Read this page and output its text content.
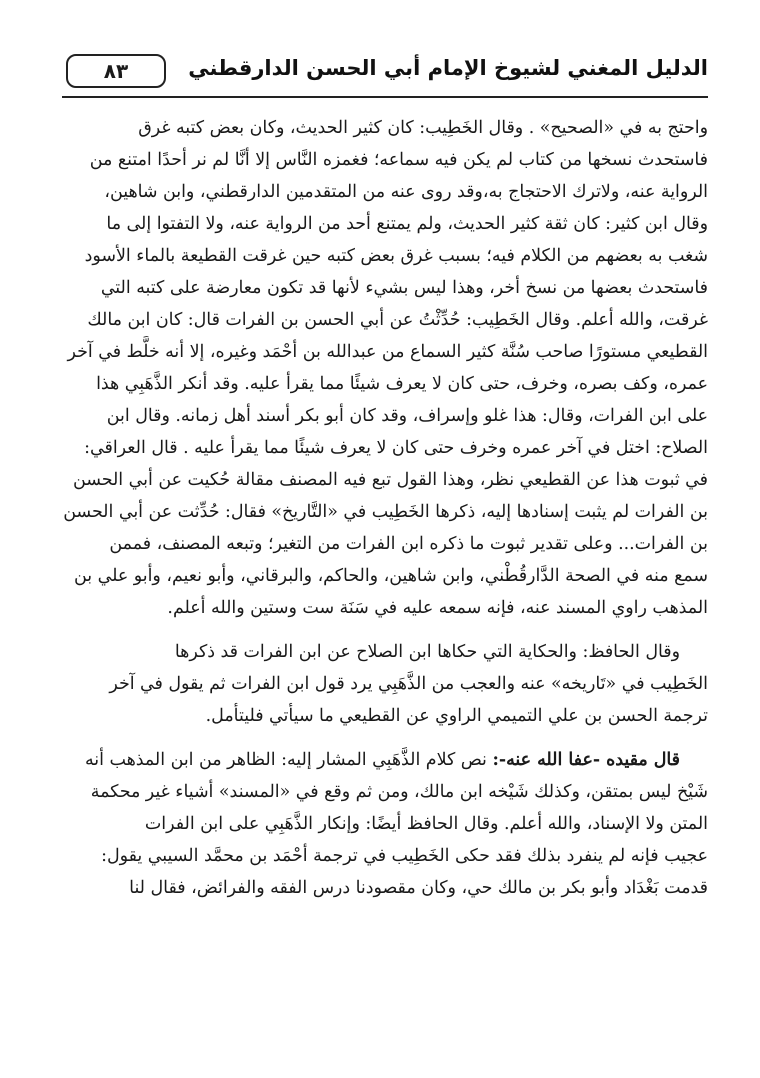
الدليل المغني لشيوخ الإمام أبي الحسن الدارقطني
٨٣
واحتج به في «الصحيح» . وقال الخَطِيب: كان كثير الحديث، وكان بعض كتبه غرق
فاستحدث نسخها من كتاب لم يكن فيه سماعه؛ فغمزه النَّاس إلا أنَّا لم نر أحدًا امتنع من
الرواية عنه، ولاترك الاحتجاج به،وقد روى عنه من المتقدمين الدارقطني، وابن شاهين،
وقال ابن كثير: كان ثقة كثير الحديث، ولم يمتنع أحد من الرواية عنه، ولا التفتوا إلى ما
شغب به بعضهم من الكلام فيه؛ بسبب غرق بعض كتبه حين غرقت القطيعة بالماء الأسود
فاستحدث بعضها من نسخ أخر، وهذا ليس بشيء لأنها قد تكون معارضة على كتبه التي
غرقت، والله أعلم. وقال الخَطِيب: حُدِّثْتُ عن أبي الحسن بن الفرات قال: كان ابن مالك
القطيعي مستورًا صاحب سُنَّة كثير السماع من عبدالله بن أحْمَد وغيره، إلا أنه خلَّط في آخر
عمره، وكف بصره، وخرف، حتى كان لا يعرف شيئًا مما يقرأ عليه. وقد أنكر الذَّهَبِي هذا
على ابن الفرات، وقال: هذا غلو وإسراف، وقد كان أبو بكر أسند أهل زمانه. وقال ابن
الصلاح: اختل في آخر عمره وخرف حتى كان لا يعرف شيئًا مما يقرأ عليه . قال العراقي:
في ثبوت هذا عن القطيعي نظر، وهذا القول تبع فيه المصنف مقالة حُكيت عن أبي الحسن
بن الفرات لم يثبت إسنادها إليه، ذكرها الخَطِيب في «التَّاريخ» فقال: حُدِّثت عن أبي الحسن
بن الفرات... وعلى تقدير ثبوت ما ذكره ابن الفرات من التغير؛ وتبعه المصنف، فممن
سمع منه في الصحة الدَّارقُطْني، وابن شاهين، والحاكم، والبرقاني، وأبو نعيم، وأبو علي بن
المذهب راوي المسند عنه، فإنه سمعه عليه في سَنَة ست وستين والله أعلم.
وقال الحافظ: والحكاية التي حكاها ابن الصلاح عن ابن الفرات قد ذكرها
الخَطِيب في «تَاريخه» عنه والعجب من الذَّهَبِي يرد قول ابن الفرات ثم يقول في آخر
ترجمة الحسن بن علي التميمي الراوي عن القطيعي ما سيأتي فليتأمل.
قال مقيده -عفا الله عنه-: نص كلام الذَّهَبِي المشار إليه: الظاهر من ابن المذهب أنه
شَيْخ ليس بمتقن، وكذلك شَيْخه ابن مالك، ومن ثم وقع في «المسند» أشياء غير محكمة
المتن ولا الإسناد، والله أعلم. وقال الحافظ أيضًا: وإنكار الذَّهَبِي على ابن الفرات
عجيب فإنه لم ينفرد بذلك فقد حكى الخَطِيب في ترجمة أحْمَد بن محمَّد السيبي يقول:
قدمت بَغْدَاد وأبو بكر بن مالك حي، وكان مقصودنا درس الفقه والفرائض، فقال لنا
